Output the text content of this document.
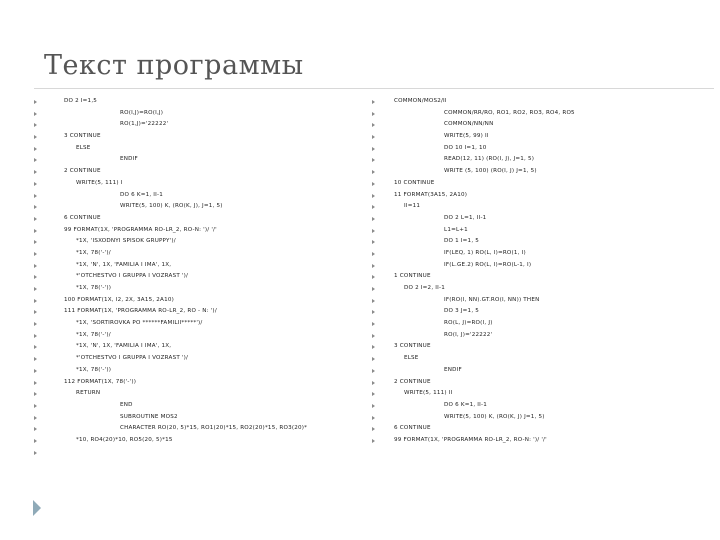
Текст программы
DO 2 I=1,5
RO(I,J)=RO(I,J)
RO(1,J)='22222'
3 CONTINUE
ELSE
ENDIF
2 CONTINUE
WRITE(5, 111) I
DO 6 K=1, II-1
WRITE(5, 100) K, (RO(K, J), J=1, 5)
6 CONTINUE
99 FORMAT(1X, 'PROGRAMMA RO-LR_2, RO-N: ')/ '/'
*1X, 'ISXODNYI SPISOK GRUPPY')/
*1X, 78('-')/
*1X, 'N', 1X, 'FAMILIA I IMA', 1X,
*'OTCHESTVO I GRUPPA I VOZRAST ')/
*1X, 78('-'))
100 FORMAT(1X, I2, 2X, 3A15, 2A10)
111 FORMAT(1X, 'PROGRAMMA RO-LR_2, RO - N: ')/
*1X, 'SORTIROVKA PO ******FAMILII*****')/
*1X, 78('-')/
*1X, 'N', 1X, 'FAMILIA I IMA', 1X,
*'OTCHESTVO I GRUPPA I VOZRAST ')/
*1X, 78('-'))
112 FORMAT(1X, 78('-'))
RETURN
END
SUBROUTINE MOS2
CHARACTER RO(20, 5)*15, RO1(20)*15, RO2(20)*15, RO3(20)*
*10, RO4(20)*10, RO5(20, 5)*15
COMMON/MOS2/II
COMMON/RR/RO, RO1, RO2, RO3, RO4, RO5
COMMON/NN/NN
WRITE(5, 99) II
DO 10 I=1, 10
READ(12, 11) (RO(I, J), J=1, 5)
WRITE (5, 100) (RO(I, J) J=1, 5)
10 CONTINUE
11 FORMAT(3A15, 2A10)
II=11
DO 2 L=1, II-1
L1=L+1
DO 1 I=1, 5
IF(LEQ, 1) RO(L, I)=RO(1, I)
IF(L.GE.2) RO(L, I)=RO(L-1, I)
1 CONTINUE
DO 2 I=2, II-1
IF(RO(I, NN).GT.RO(I, NN)) THEN
DO 3 J=1, 5
RO(L, J)=RO(I, J)
RO(I, J)='22222'
3 CONTINUE
ELSE
ENDIF
2 CONTINUE
WRITE(5, 111) II
DO 6 K=1, II-1
WRITE(5, 100) K, (RO(K, J) J=1, 5)
6 CONTINUE
99 FORMAT(1X, 'PROGRAMMA RO-LR_2, RO-N: ')/ '/'
